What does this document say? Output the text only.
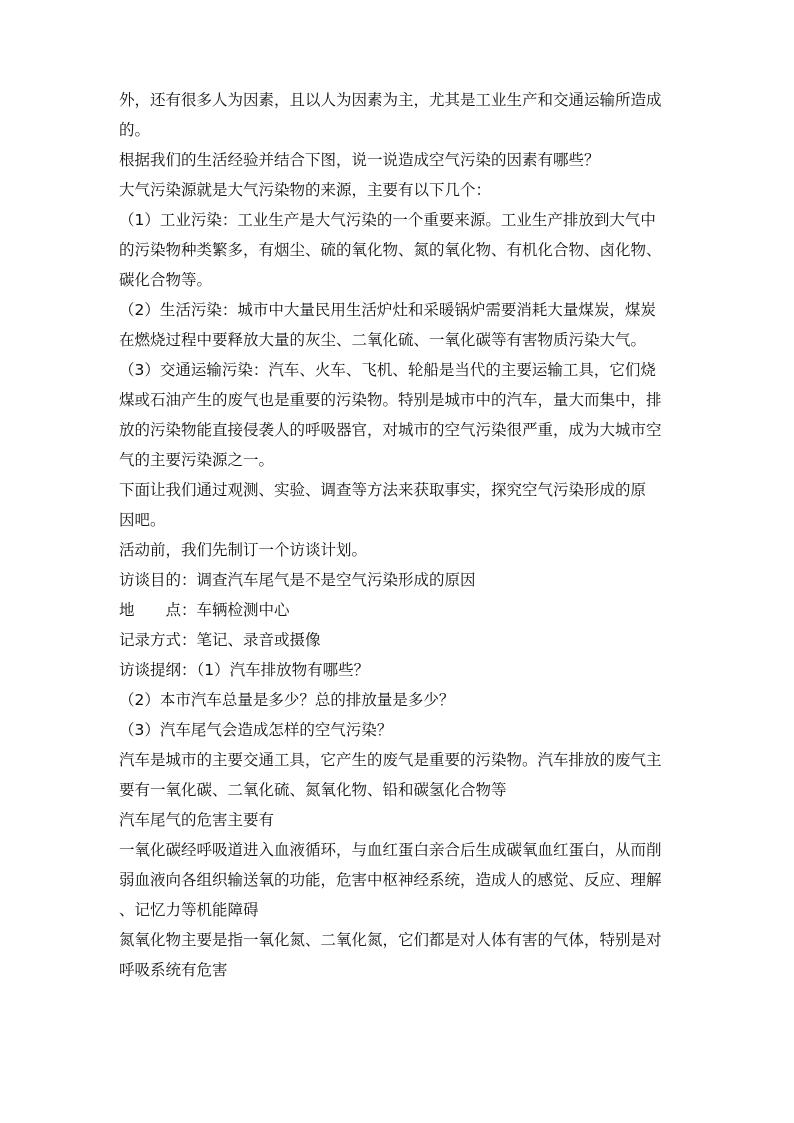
外，还有很多人为因素，且以人为因素为主，尤其是工业生产和交通运输所造成
的。
根据我们的生活经验并结合下图，说一说造成空气污染的因素有哪些？
大气污染源就是大气污染物的来源，主要有以下几个：
（1）工业污染：工业生产是大气污染的一个重要来源。工业生产排放到大气中
的污染物种类繁多，有烟尘、硫的氧化物、氮的氧化物、有机化合物、卤化物、
碳化合物等。
（2）生活污染：城市中大量民用生活炉灶和采暖锅炉需要消耗大量煤炭，煤炭
在燃烧过程中要释放大量的灰尘、二氧化硫、一氧化碳等有害物质污染大气。
（3）交通运输污染：汽车、火车、飞机、轮船是当代的主要运输工具，它们烧
煤或石油产生的废气也是重要的污染物。特别是城市中的汽车，量大而集中，排
放的污染物能直接侵袭人的呼吸器官，对城市的空气污染很严重，成为大城市空
气的主要污染源之一。
下面让我们通过观测、实验、调查等方法来获取事实，探究空气污染形成的原
因吧。
活动前，我们先制订一个访谈计划。
访谈目的：调查汽车尾气是不是空气污染形成的原因
地　　点：车辆检测中心
记录方式：笔记、录音或摄像
访谈提纲：（1）汽车排放物有哪些？
（2）本市汽车总量是多少？总的排放量是多少？
（3）汽车尾气会造成怎样的空气污染？
汽车是城市的主要交通工具，它产生的废气是重要的污染物。汽车排放的废气主
要有一氧化碳、二氧化硫、氮氧化物、铅和碳氢化合物等
汽车尾气的危害主要有
一氧化碳经呼吸道进入血液循环，与血红蛋白亲合后生成碳氧血红蛋白，从而削
弱血液向各组织输送氧的功能，危害中枢神经系统，造成人的感觉、反应、理解
、记忆力等机能障碍
氮氧化物主要是指一氧化氮、二氧化氮，它们都是对人体有害的气体，特别是对
呼吸系统有危害
